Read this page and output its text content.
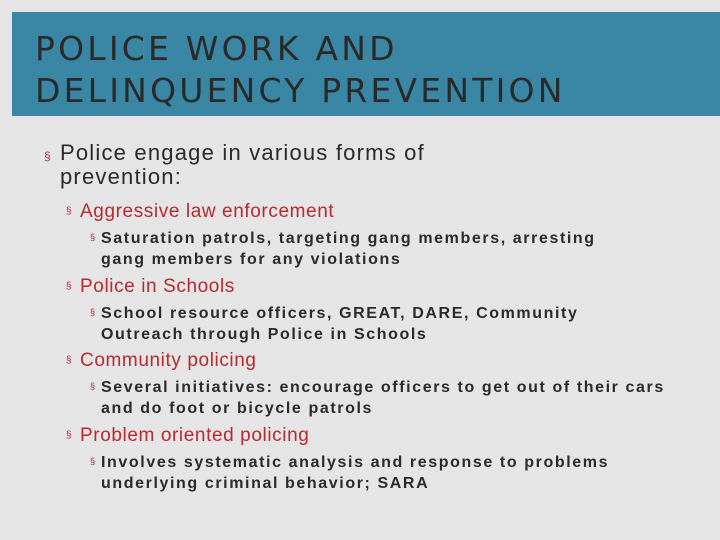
POLICE WORK AND
DELINQUENCY PREVENTION
§ Police engage in various forms of prevention:
§ Aggressive law enforcement
§ Saturation patrols, targeting gang members, arresting gang members for any violations
§ Police in Schools
§ School resource officers, GREAT, DARE, Community Outreach through Police in Schools
§ Community policing
§ Several initiatives: encourage officers to get out of their cars and do foot or bicycle patrols
§ Problem oriented policing
§ Involves systematic analysis and response to problems underlying criminal behavior; SARA
